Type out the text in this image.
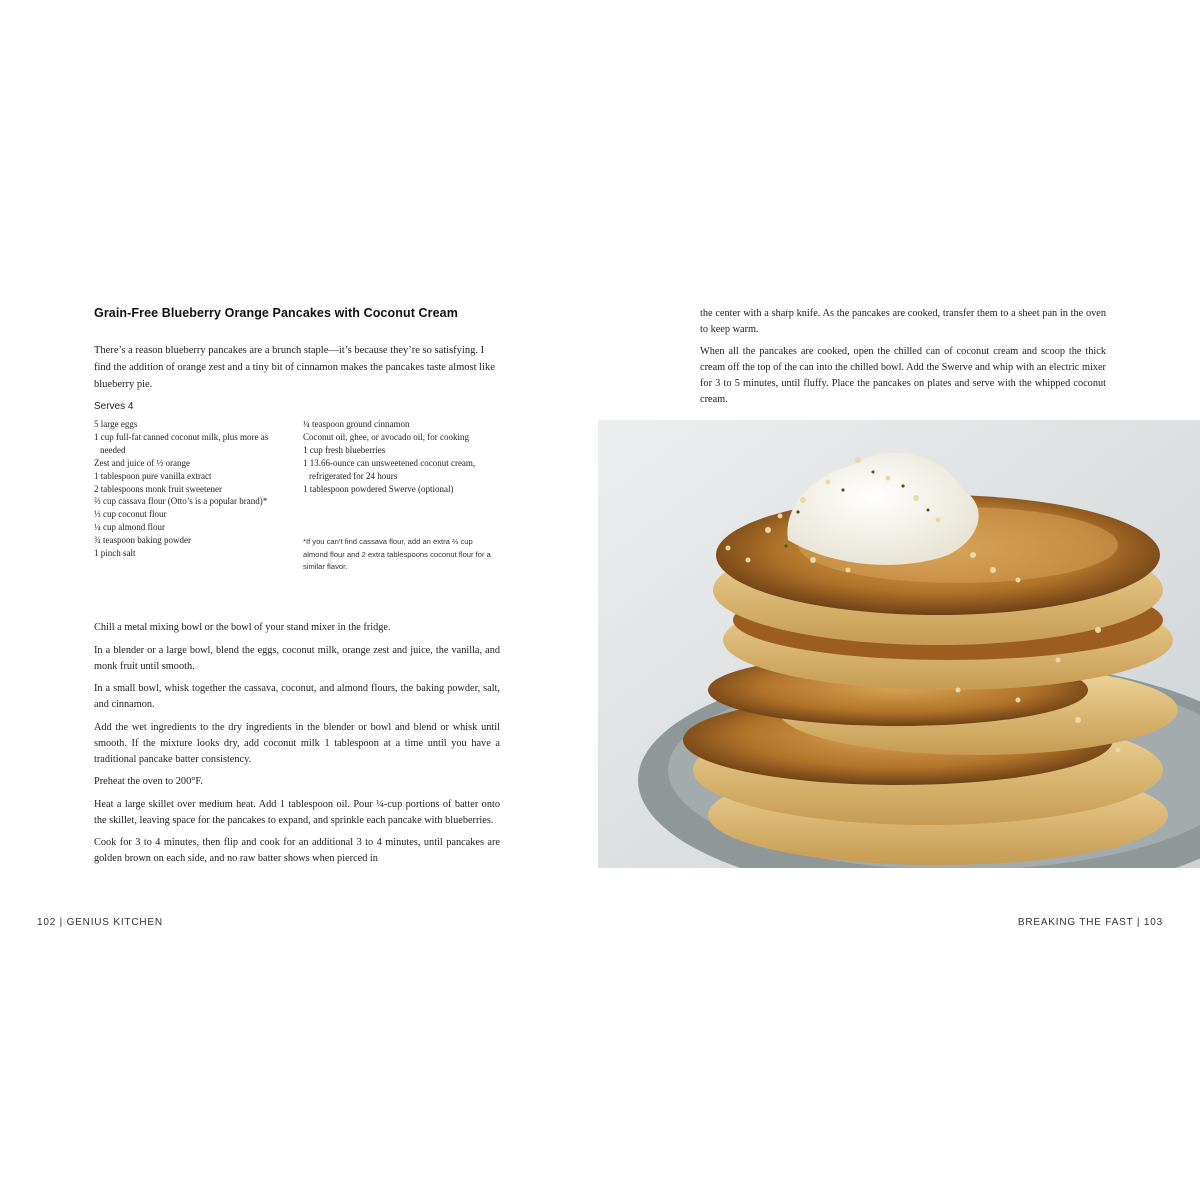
Grain-Free Blueberry Orange Pancakes with Coconut Cream

There’s a reason blueberry pancakes are a brunch staple—it’s because they’re so satisfying. I find the addition of orange zest and a tiny bit of cinnamon makes the pancakes taste almost like blueberry pie.

Serves 4
5 large eggs
1 cup full-fat canned coconut milk, plus more as needed
Zest and juice of ½ orange
1 tablespoon pure vanilla extract
2 tablespoons monk fruit sweetener
⅔ cup cassava flour (Otto’s is a popular brand)*
⅓ cup coconut flour
¼ cup almond flour
¾ teaspoon baking powder
1 pinch salt
¼ teaspoon ground cinnamon
Coconut oil, ghee, or avocado oil, for cooking
1 cup fresh blueberries
1 13.66-ounce can unsweetened coconut cream, refrigerated for 24 hours
1 tablespoon powdered Swerve (optional)
*If you can’t find cassava flour, add an extra ⅔ cup almond flour and 2 extra tablespoons coconut flour for a similar flavor.

Chill a metal mixing bowl or the bowl of your stand mixer in the fridge.

In a blender or a large bowl, blend the eggs, coconut milk, orange zest and juice, the vanilla, and monk fruit until smooth.

In a small bowl, whisk together the cassava, coconut, and almond flours, the baking powder, salt, and cinnamon.

Add the wet ingredients to the dry ingredients in the blender or bowl and blend or whisk until smooth. If the mixture looks dry, add coconut milk 1 tablespoon at a time until you have a traditional pancake batter consistency.

Preheat the oven to 200°F.

Heat a large skillet over medium heat. Add 1 tablespoon oil. Pour ¼-cup portions of batter onto the skillet, leaving space for the pancakes to expand, and sprinkle each pancake with blueberries.

Cook for 3 to 4 minutes, then flip and cook for an additional 3 to 4 minutes, until pancakes are golden brown on each side, and no raw batter shows when pierced in

the center with a sharp knife. As the pancakes are cooked, transfer them to a sheet pan in the oven to keep warm.

When all the pancakes are cooked, open the chilled can of coconut cream and scoop the thick cream off the top of the can into the chilled bowl. Add the Swerve and whip with an electric mixer for 3 to 5 minutes, until fluffy. Place the pancakes on plates and serve with the whipped coconut cream.

102 | GENIUS KITCHEN	BREAKING THE FAST | 103
